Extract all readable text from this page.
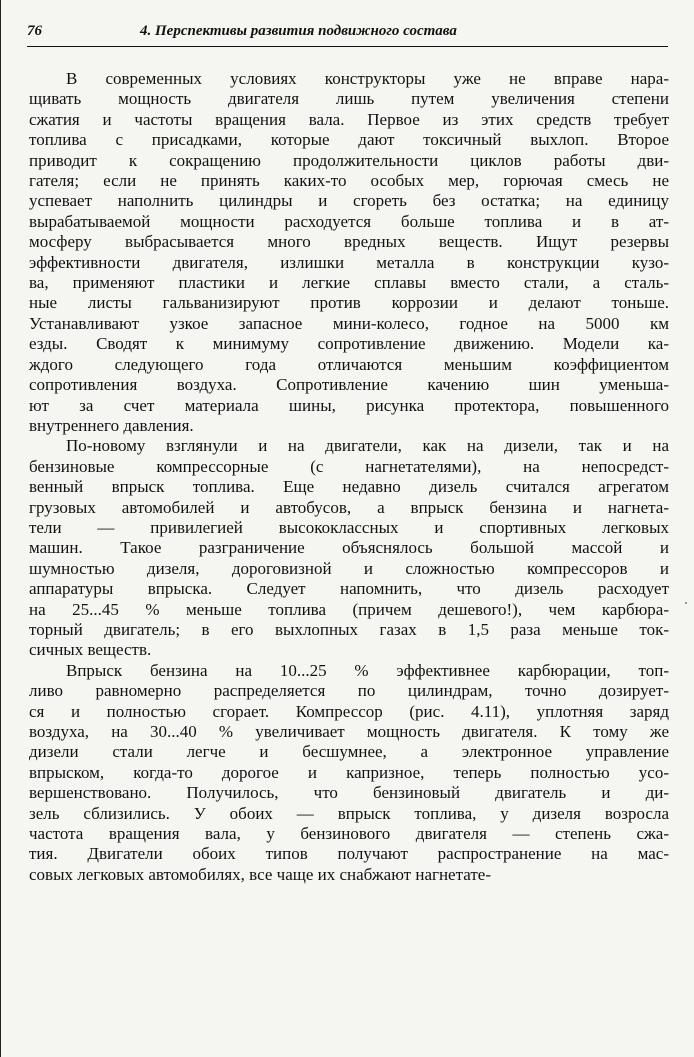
76	4. Перспективы развития подвижного состава
В современных условиях конструкторы уже не вправе нара-
щивать мощность двигателя лишь путем увеличения степени
сжатия и частоты вращения вала. Первое из этих средств требует
топлива с присадками, которые дают токсичный выхлоп. Второе
приводит к сокращению продолжительности циклов работы дви-
гателя; если не принять каких-то особых мер, горючая смесь не
успевает наполнить цилиндры и сгореть без остатка; на единицу
вырабатываемой мощности расходуется больше топлива и в ат-
мосферу выбрасывается много вредных веществ. Ищут резервы
эффективности двигателя, излишки металла в конструкции кузо-
ва, применяют пластики и легкие сплавы вместо стали, а сталь-
ные листы гальванизируют против коррозии и делают тоньше.
Устанавливают узкое запасное мини-колесо, годное на 5000 км
езды. Сводят к минимуму сопротивление движению. Модели ка-
ждого следующего года отличаются меньшим коэффициентом
сопротивления воздуха. Сопротивление качению шин уменьша-
ют за счет материала шины, рисунка протектора, повышенного
внутреннего давления.
По-новому взглянули и на двигатели, как на дизели, так и на
бензиновые компрессорные (с нагнетателями), на непосредст-
венный впрыск топлива. Еще недавно дизель считался агрегатом
грузовых автомобилей и автобусов, а впрыск бензина и нагнета-
тели — привилегией высококлассных и спортивных легковых
машин. Такое разграничение объяснялось большой массой и
шумностью дизеля, дороговизной и сложностью компрессоров и
аппаратуры впрыска. Следует напомнить, что дизель расходует
на 25...45 % меньше топлива (причем дешевого!), чем карбюра-
торный двигатель; в его выхлопных газах в 1,5 раза меньше ток-
сичных веществ.
Впрыск бензина на 10...25 % эффективнее карбюрации, топ-
ливо равномерно распределяется по цилиндрам, точно дозирует-
ся и полностью сгорает. Компрессор (рис. 4.11), уплотняя заряд
воздуха, на 30...40 % увеличивает мощность двигателя. К тому же
дизели стали легче и бесшумнее, а электронное управление
впрыском, когда-то дорогое и капризное, теперь полностью усо-
вершенствовано. Получилось, что бензиновый двигатель и ди-
зель сблизились. У обоих — впрыск топлива, у дизеля возросла
частота вращения вала, у бензинового двигателя — степень сжа-
тия. Двигатели обоих типов получают распространение на мас-
совых легковых автомобилях, все чаще их снабжают нагнетате-
